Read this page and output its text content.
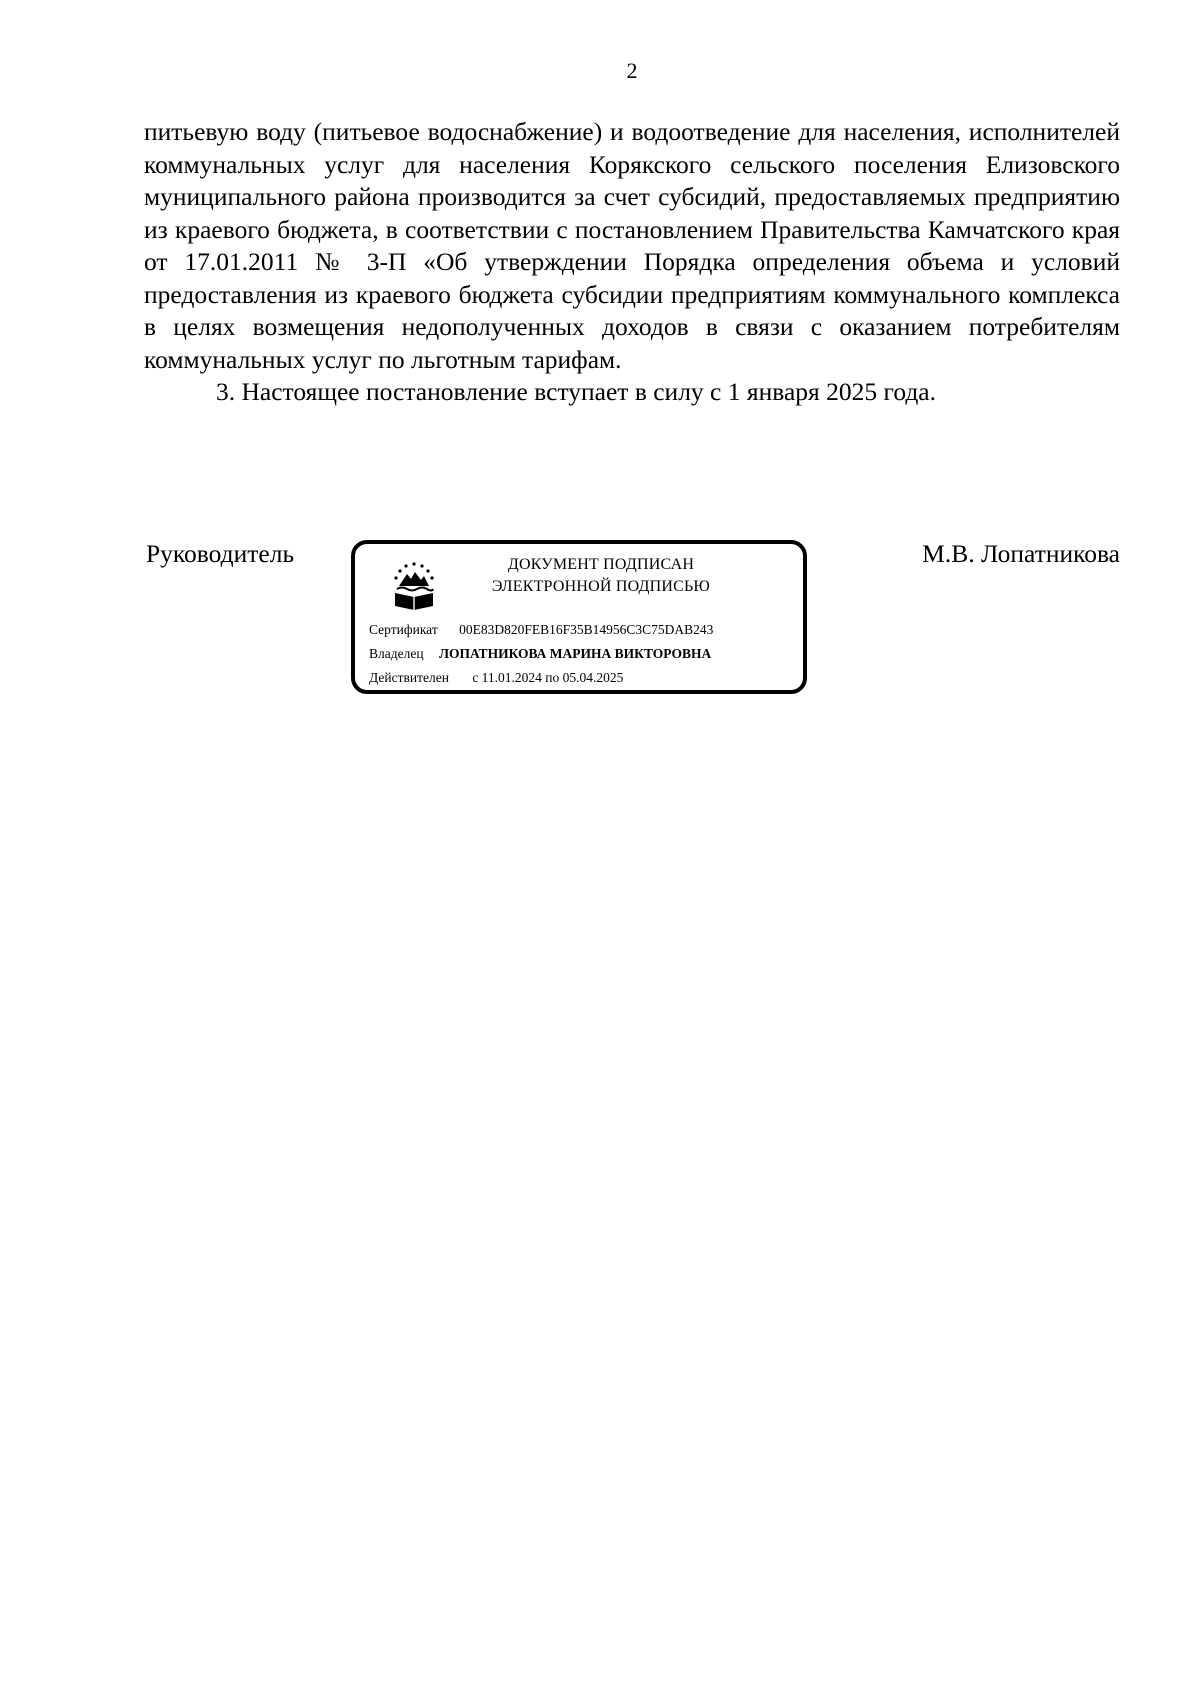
2

питьевую воду (питьевое водоснабжение) и водоотведение для населения, исполнителей коммунальных услуг для населения Корякского сельского поселения Елизовского муниципального района производится за счет субсидий, предоставляемых предприятию из краевого бюджета, в соответствии с постановлением Правительства Камчатского края от 17.01.2011 № 3-П «Об утверждении Порядка определения объема и условий предоставления из краевого бюджета субсидии предприятиям коммунального комплекса в целях возмещения недополученных доходов в связи с оказанием потребителям коммунальных услуг по льготным тарифам.

3. Настоящее постановление вступает в силу с 1 января 2025 года.

Руководитель	ДОКУМЕНТ ПОДПИСАН
ЭЛЕКТРОННОЙ ПОДПИСЬЮ
Сертификат 00E83D820FEB16F35B14956C3C75DAB243
Владелец ЛОПАТНИКОВА МАРИНА ВИКТОРОВНА
Действителен с 11.01.2024 по 05.04.2025
М.В. Лопатникова
